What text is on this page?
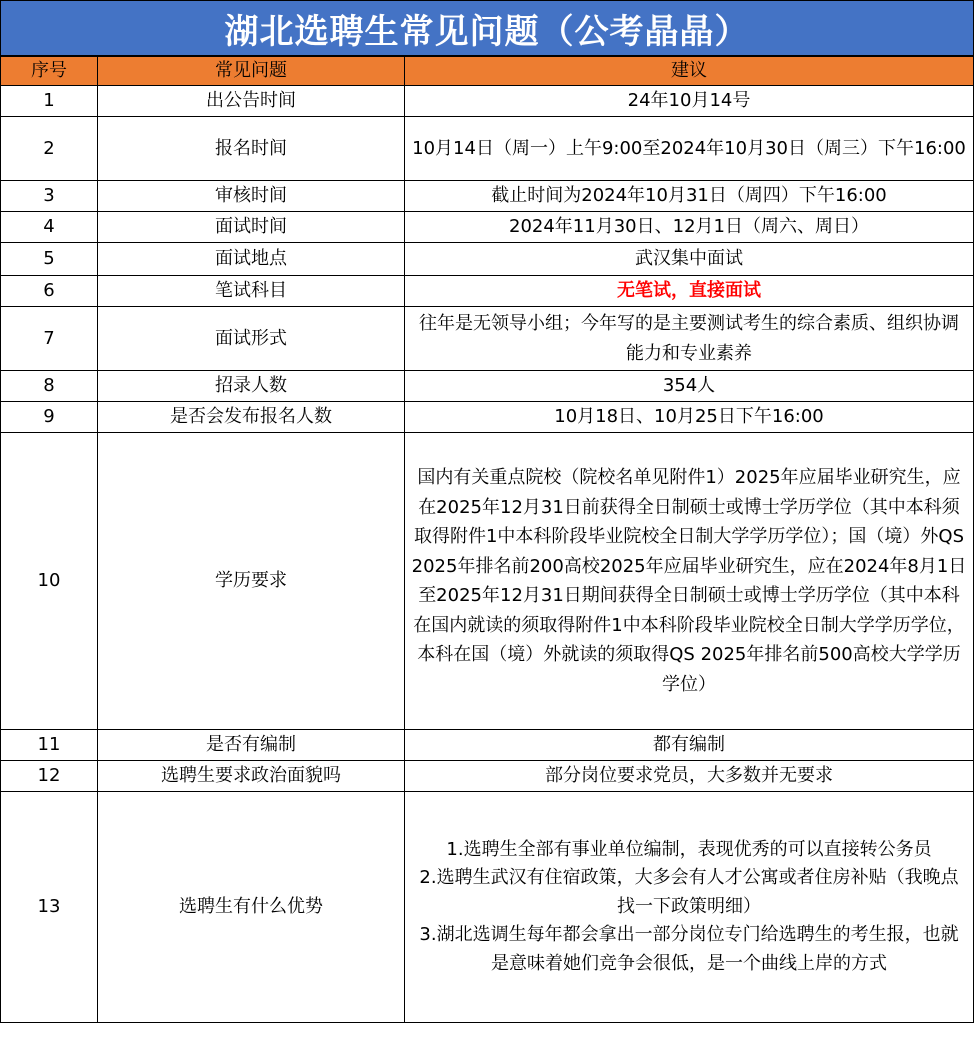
湖北选聘生常见问题（公考晶晶）
序号	常见问题	建议
1	出公告时间	24年10月14号
2	报名时间	10月14日（周一）上午9:00至2024年10月30日（周三）下午16:00
3	审核时间	截止时间为2024年10月31日（周四）下午16:00
4	面试时间	2024年11月30日、12月1日（周六、周日）
5	面试地点	武汉集中面试
6	笔试科目	无笔试，直接面试
7	面试形式	往年是无领导小组；今年写的是主要测试考生的综合素质、组织协调能力和专业素养
8	招录人数	354人
9	是否会发布报名人数	10月18日、10月25日下午16:00
10	学历要求	国内有关重点院校（院校名单见附件1）2025年应届毕业研究生，应在2025年12月31日前获得全日制硕士或博士学历学位（其中本科须取得附件1中本科阶段毕业院校全日制大学学历学位）；国（境）外QS 2025年排名前200高校2025年应届毕业研究生，应在2024年8月1日至2025年12月31日期间获得全日制硕士或博士学历学位（其中本科在国内就读的须取得附件1中本科阶段毕业院校全日制大学学历学位，本科在国（境）外就读的须取得QS 2025年排名前500高校大学学历学位）
11	是否有编制	都有编制
12	选聘生要求政治面貌吗	部分岗位要求党员，大多数并无要求
13	选聘生有什么优势	1.选聘生全部有事业单位编制，表现优秀的可以直接转公务员
2.选聘生武汉有住宿政策，大多会有人才公寓或者住房补贴（我晚点找一下政策明细）
3.湖北选调生每年都会拿出一部分岗位专门给选聘生的考生报，也就是意味着她们竞争会很低，是一个曲线上岸的方式
